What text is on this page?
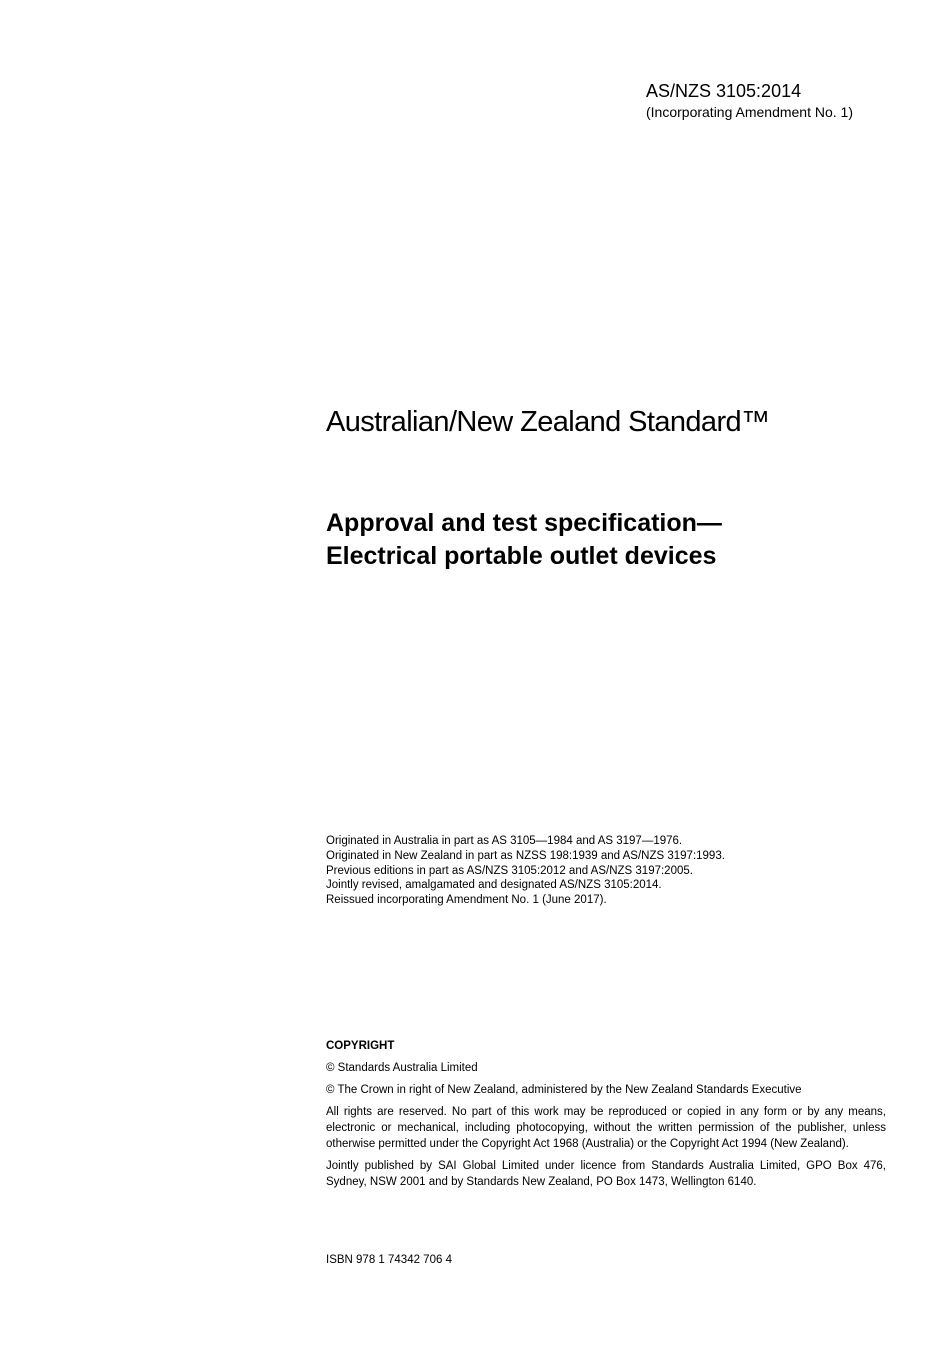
AS/NZS 3105:2014
(Incorporating Amendment No. 1)
Australian/New Zealand Standard™
Approval and test specification—
Electrical portable outlet devices
Originated in Australia in part as AS 3105—1984 and AS 3197—1976.
Originated in New Zealand in part as NZSS 198:1939 and AS/NZS 3197:1993.
Previous editions in part as AS/NZS 3105:2012 and AS/NZS 3197:2005.
Jointly revised, amalgamated and designated AS/NZS 3105:2014.
Reissued incorporating Amendment No. 1 (June 2017).
COPYRIGHT
© Standards Australia Limited
© The Crown in right of New Zealand, administered by the New Zealand Standards Executive
All rights are reserved. No part of this work may be reproduced or copied in any form or by any means, electronic or mechanical, including photocopying, without the written permission of the publisher, unless otherwise permitted under the Copyright Act 1968 (Australia) or the Copyright Act 1994 (New Zealand).
Jointly published by SAI Global Limited under licence from Standards Australia Limited, GPO Box 476, Sydney, NSW 2001 and by Standards New Zealand, PO Box 1473, Wellington 6140.
ISBN 978 1 74342 706 4
